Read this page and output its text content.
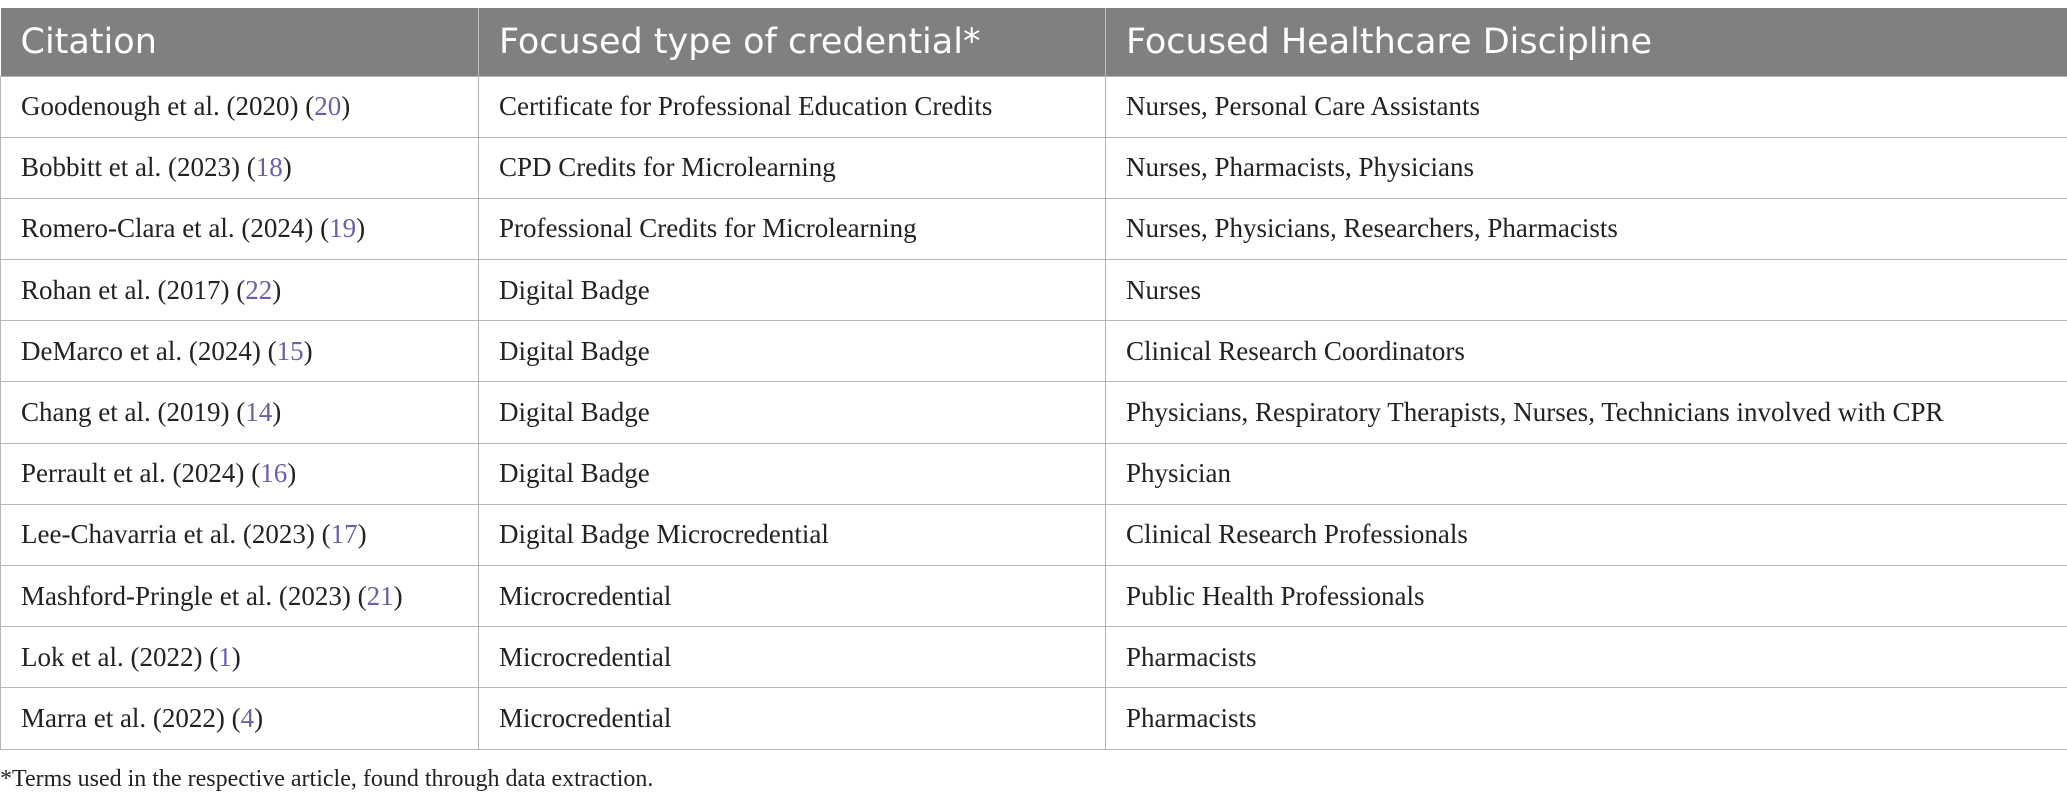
Citation	Focused type of credential*	Focused Healthcare Discipline
Goodenough et al. (2020) (20)	Certificate for Professional Education Credits	Nurses, Personal Care Assistants
Bobbitt et al. (2023) (18)	CPD Credits for Microlearning	Nurses, Pharmacists, Physicians
Romero-Clara et al. (2024) (19)	Professional Credits for Microlearning	Nurses, Physicians, Researchers, Pharmacists
Rohan et al. (2017) (22)	Digital Badge	Nurses
DeMarco et al. (2024) (15)	Digital Badge	Clinical Research Coordinators
Chang et al. (2019) (14)	Digital Badge	Physicians, Respiratory Therapists, Nurses, Technicians involved with CPR
Perrault et al. (2024) (16)	Digital Badge	Physician
Lee-Chavarria et al. (2023) (17)	Digital Badge Microcredential	Clinical Research Professionals
Mashford-Pringle et al. (2023) (21)	Microcredential	Public Health Professionals
Lok et al. (2022) (1)	Microcredential	Pharmacists
Marra et al. (2022) (4)	Microcredential	Pharmacists
*Terms used in the respective article, found through data extraction.
